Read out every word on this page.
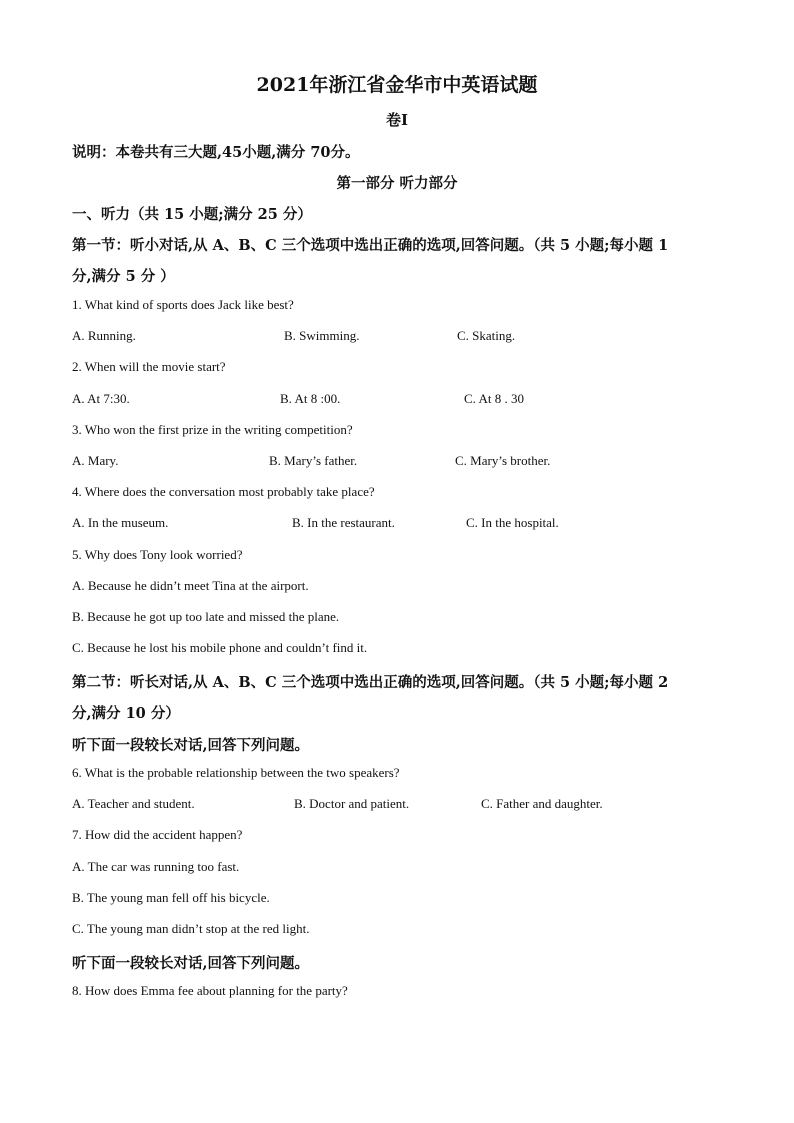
2021年浙江省金华市中英语试题
卷I
说明：本卷共有三大题,45小题,满分 70分。
第一部分 听力部分
一、听力（共 15 小题;满分 25 分）
第一节：听小对话,从 A、B、C 三个选项中选出正确的选项,回答问题。（共 5 小题;每小题 1
分,满分 5 分 ）
1. What kind of sports does Jack like best?
A. Running.	B. Swimming.	C. Skating.
2. When will the movie start?
A. At 7:30.	B. At 8 :00.	C. At 8 . 30
3. Who won the first prize in the writing competition?
A. Mary.	B. Mary’s father.	C. Mary’s brother.
4. Where does the conversation most probably take place?
A. In the museum.	B. In the restaurant.	C. In the hospital.
5. Why does Tony look worried?
A. Because he didn’t meet Tina at the airport.
B. Because he got up too late and missed the plane.
C. Because he lost his mobile phone and couldn’t find it.
第二节：听长对话,从 A、B、C 三个选项中选出正确的选项,回答问题。（共 5 小题;每小题 2
分,满分 10 分）
听下面一段较长对话,回答下列问题。
6. What is the probable relationship between the two speakers?
A. Teacher and student.	B. Doctor and patient.	C. Father and daughter.
7. How did the accident happen?
A. The car was running too fast.
B. The young man fell off his bicycle.
C. The young man didn’t stop at the red light.
听下面一段较长对话,回答下列问题。
8. How does Emma fee about planning for the party?
